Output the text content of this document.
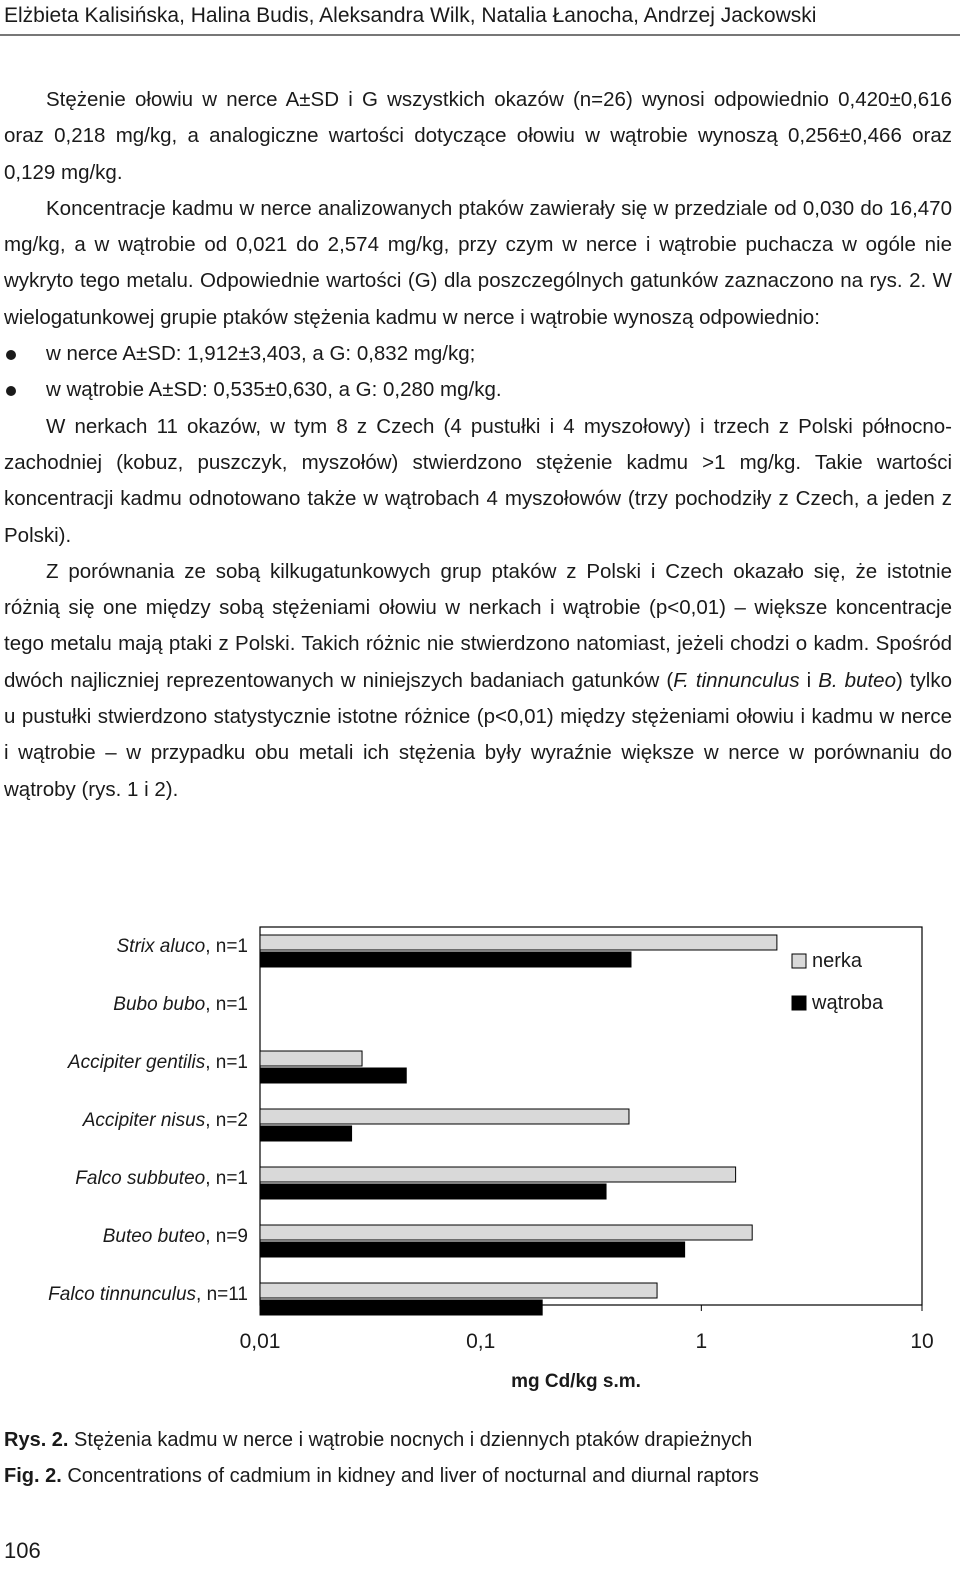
Elżbieta Kalisińska, Halina Budis, Aleksandra Wilk, Natalia Łanocha, Andrzej Jackowski

Stężenie ołowiu w nerce A±SD i G wszystkich okazów (n=26) wynosi odpowiednio 0,420±0,616 oraz 0,218 mg/kg, a analogiczne wartości dotyczące ołowiu w wątrobie wynoszą 0,256±0,466 oraz 0,129 mg/kg.

Koncentracje kadmu w nerce analizowanych ptaków zawierały się w przedziale od 0,030 do 16,470 mg/kg, a w wątrobie od 0,021 do 2,574 mg/kg, przy czym w nerce i wątrobie puchacza w ogóle nie wykryto tego metalu. Odpowiednie wartości (G) dla poszczególnych gatunków zaznaczono na rys. 2. W wielogatunkowej grupie ptaków stężenia kadmu w nerce i wątrobie wynoszą odpowiednio:

w nerce A±SD: 1,912±3,403, a G: 0,832 mg/kg;
w wątrobie A±SD: 0,535±0,630, a G: 0,280 mg/kg.

W nerkach 11 okazów, w tym 8 z Czech (4 pustułki i 4 myszołowy) i trzech z Polski północno-zachodniej (kobuz, puszczyk, myszołów) stwierdzono stężenie kadmu >1 mg/kg. Takie wartości koncentracji kadmu odnotowano także w wątrobach 4 myszołowów (trzy pochodziły z Czech, a jeden z Polski).

Z porównania ze sobą kilkugatunkowych grup ptaków z Polski i Czech okazało się, że istotnie różnią się one między sobą stężeniami ołowiu w nerkach i wątrobie (p<0,01) – większe koncentracje tego metalu mają ptaki z Polski. Takich różnic nie stwierdzono natomiast, jeżeli chodzi o kadm. Spośród dwóch najliczniej reprezentowanych w niniejszych badaniach gatunków (F. tinnunculus i B. buteo) tylko u pustułki stwierdzono statystycznie istotne różnice (p<0,01) między stężeniami ołowiu i kadmu w nerce i wątrobie – w przypadku obu metali ich stężenia były wyraźnie większe w nerce w porównaniu do wątroby (rys. 1 i 2).

Strix aluco, n=1
Bubo bubo, n=1
Accipiter gentilis, n=1
Accipiter nisus, n=2
Falco subbuteo, n=1
Buteo buteo, n=9
Falco tinnunculus, n=11
0,01	0,1	1	10
nerka
wątroba
mg Cd/kg s.m.
Rys. 2. Stężenia kadmu w nerce i wątrobie nocnych i dziennych ptaków drapieżnych
Fig. 2. Concentrations of cadmium in kidney and liver of nocturnal and diurnal raptors
106
